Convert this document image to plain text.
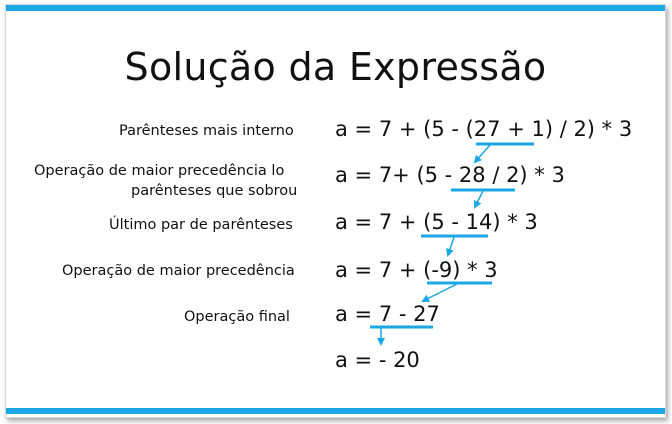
Solução da Expressão
Parênteses mais interno
Operação de maior precedência lo
parênteses que sobrou
Último par de parênteses
Operação de maior precedência
Operação final
a = 7 + (5 - (27 + 1) / 2) * 3
a = 7+ (5 - 28 / 2) * 3
a = 7 + (5 - 14) * 3
a = 7 + (-9) * 3
a = 7 - 27
a = - 20
